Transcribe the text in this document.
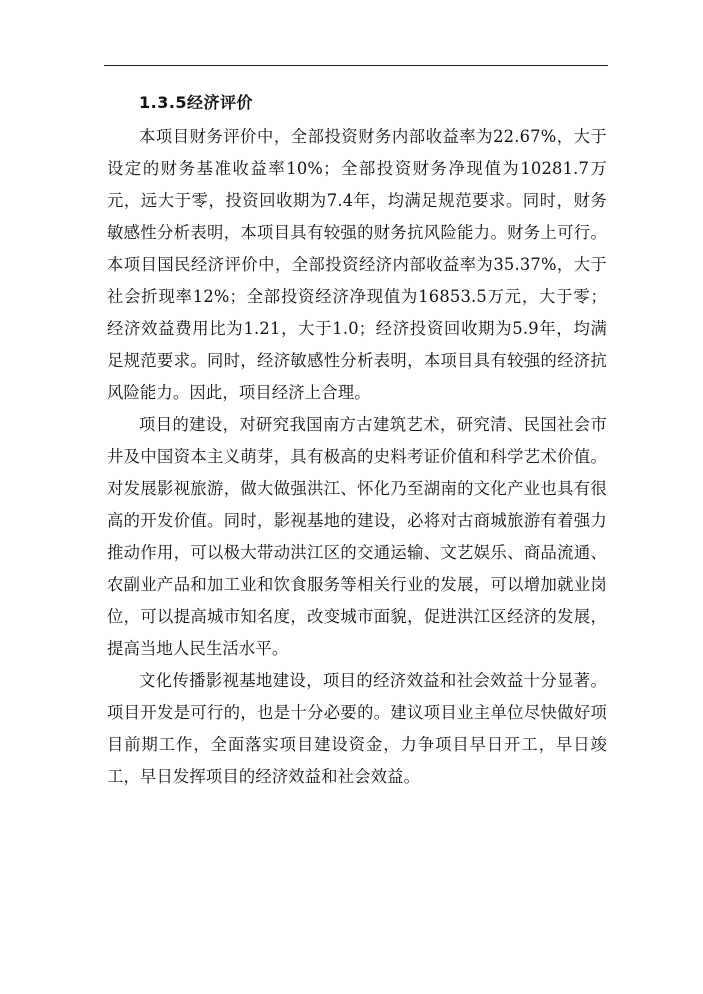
1.3.5经济评价

本项目财务评价中，全部投资财务内部收益率为22.67%，大于设定的财务基准收益率10%；全部投资财务净现值为10281.7万元，远大于零，投资回收期为7.4年，均满足规范要求。同时，财务敏感性分析表明，本项目具有较强的财务抗风险能力。财务上可行。本项目国民经济评价中，全部投资经济内部收益率为35.37%，大于社会折现率12%；全部投资经济净现值为16853.5万元，大于零；经济效益费用比为1.21，大于1.0；经济投资回收期为5.9年，均满足规范要求。同时，经济敏感性分析表明，本项目具有较强的经济抗风险能力。因此，项目经济上合理。

项目的建设，对研究我国南方古建筑艺术，研究清、民国社会市井及中国资本主义萌芽，具有极高的史料考证价值和科学艺术价值。对发展影视旅游，做大做强洪江、怀化乃至湖南的文化产业也具有很高的开发价值。同时，影视基地的建设，必将对古商城旅游有着强力推动作用，可以极大带动洪江区的交通运输、文艺娱乐、商品流通、农副业产品和加工业和饮食服务等相关行业的发展，可以增加就业岗位，可以提高城市知名度，改变城市面貌，促进洪江区经济的发展，提高当地人民生活水平。

文化传播影视基地建设，项目的经济效益和社会效益十分显著。项目开发是可行的，也是十分必要的。建议项目业主单位尽快做好项目前期工作，全面落实项目建设资金，力争项目早日开工，早日竣工，早日发挥项目的经济效益和社会效益。
